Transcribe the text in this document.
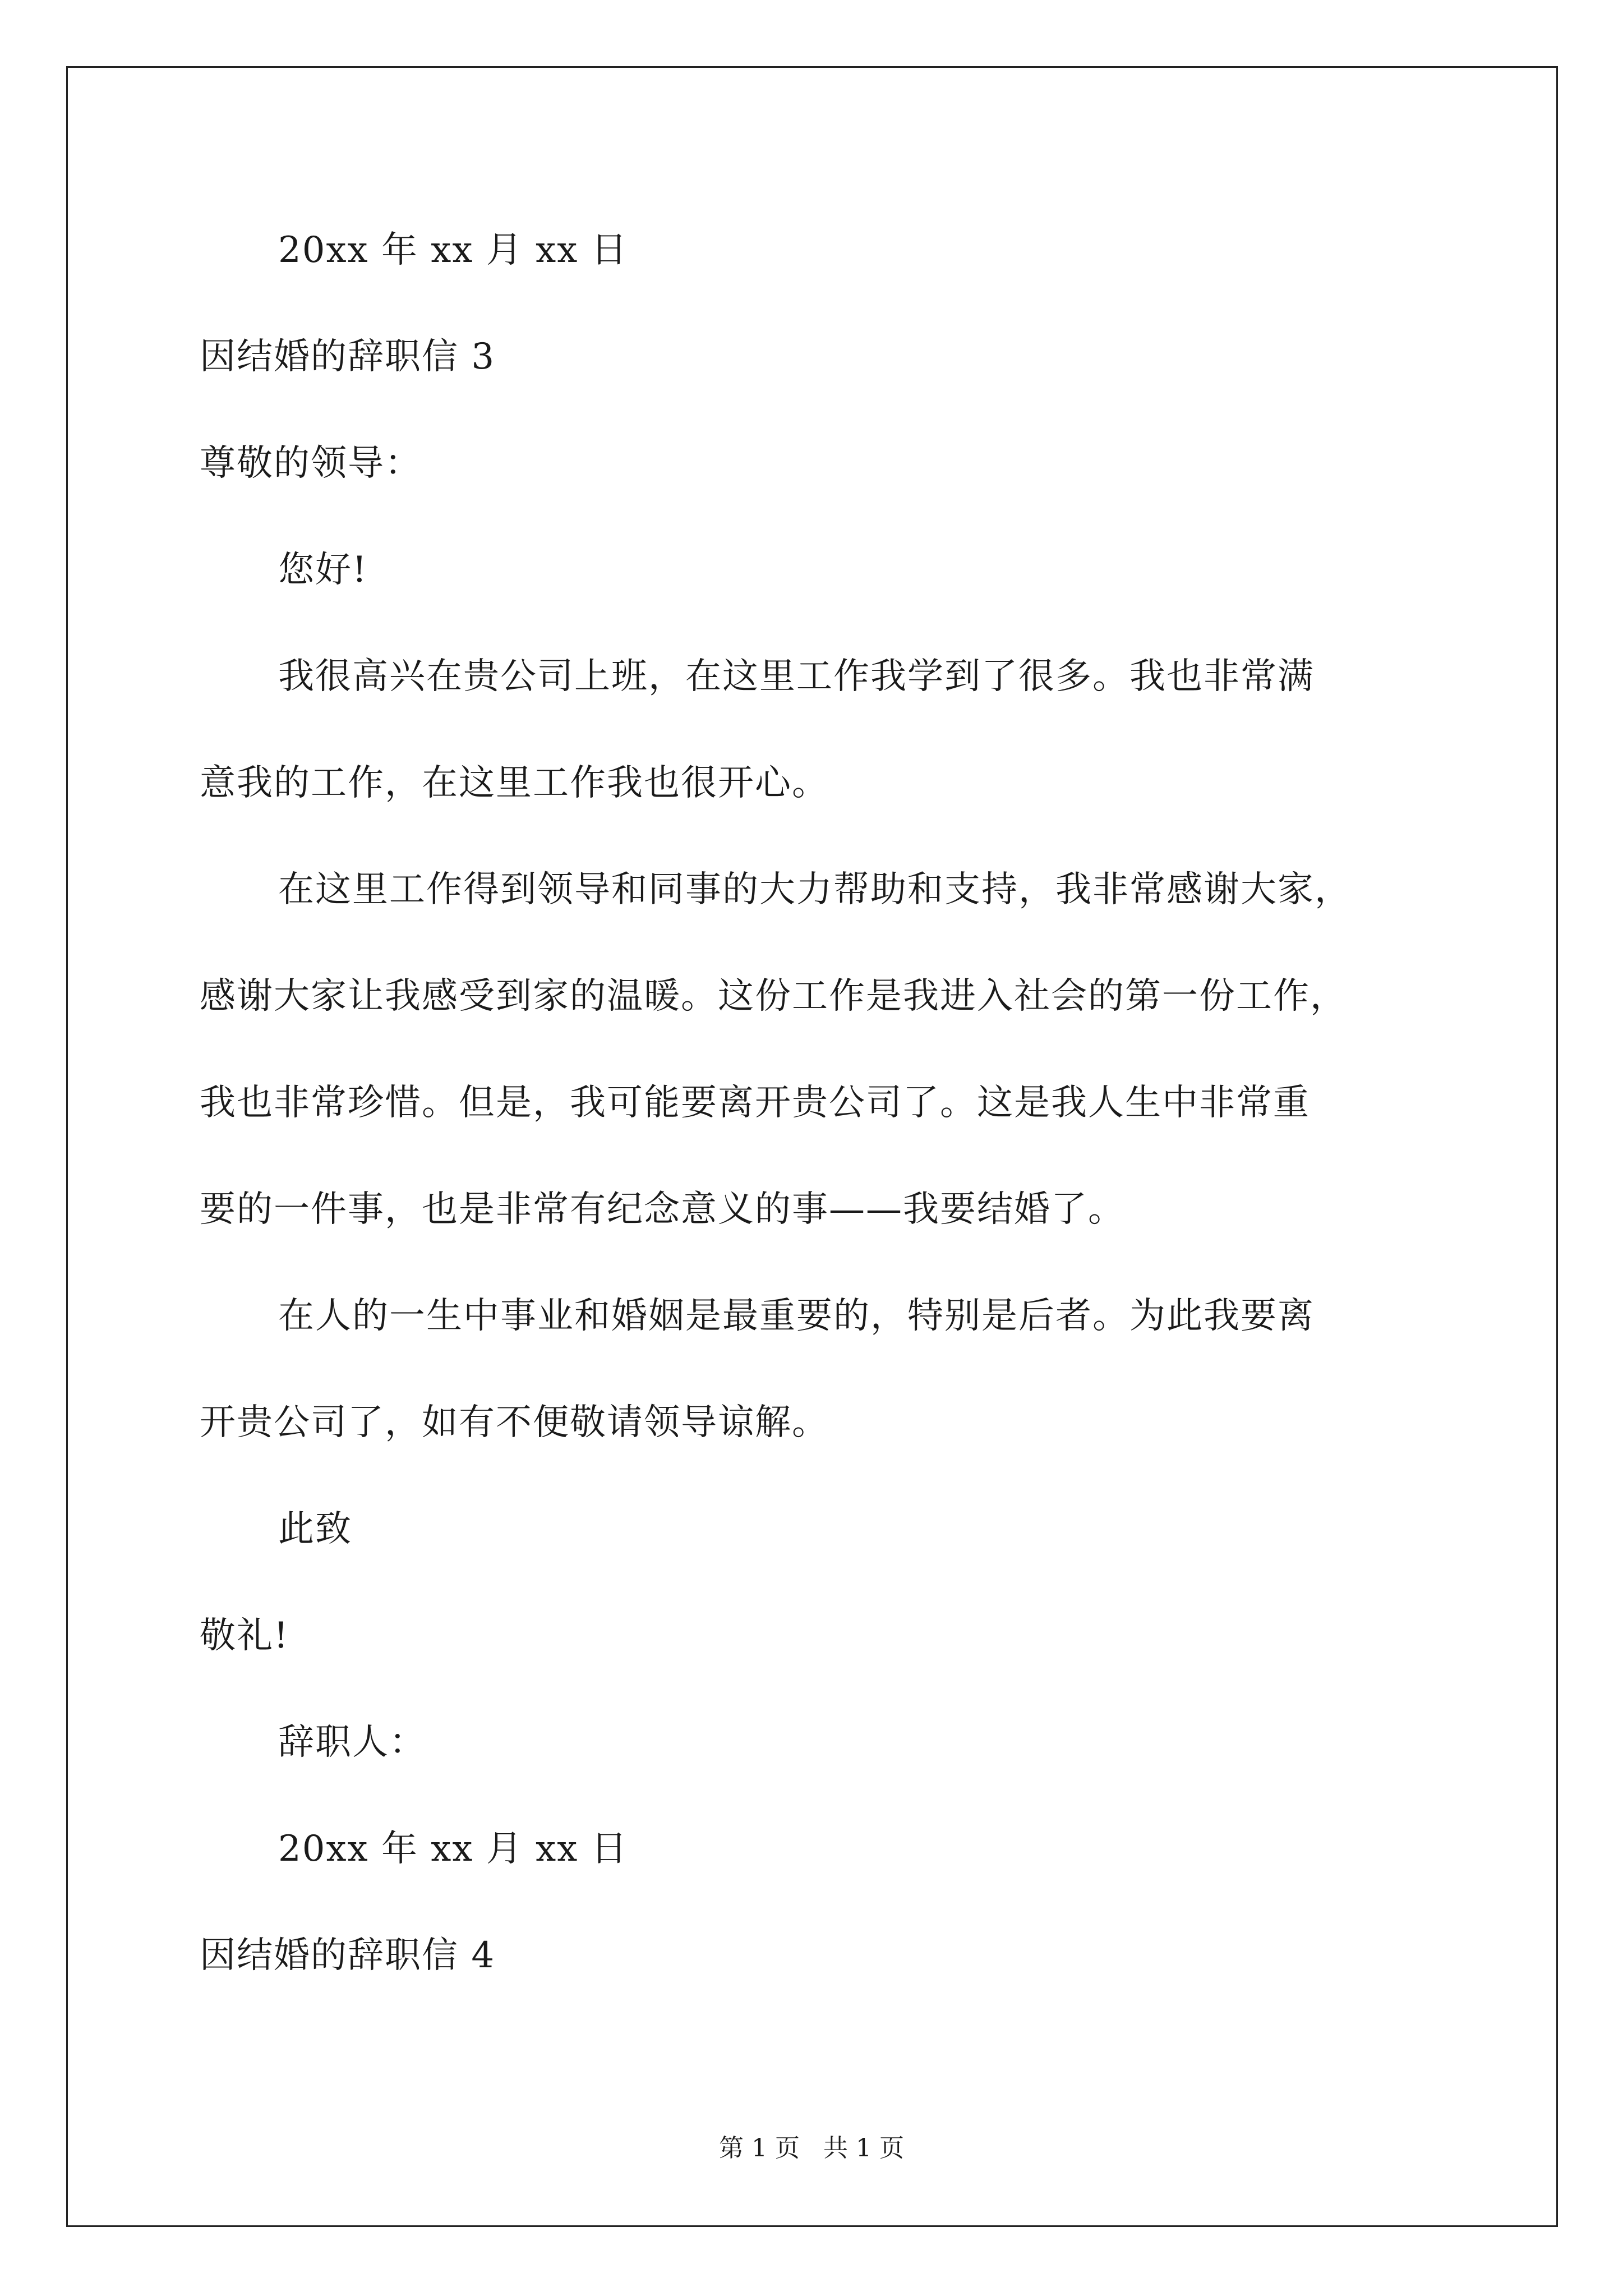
20xx 年 xx 月 xx 日
因结婚的辞职信 3
尊敬的领导：
您好!
我很高兴在贵公司上班，在这里工作我学到了很多。我也非常满
意我的工作，在这里工作我也很开心。
在这里工作得到领导和同事的大力帮助和支持，我非常感谢大家，
感谢大家让我感受到家的温暖。这份工作是我进入社会的第一份工作，
我也非常珍惜。但是，我可能要离开贵公司了。这是我人生中非常重
要的一件事，也是非常有纪念意义的事——我要结婚了。
在人的一生中事业和婚姻是最重要的，特别是后者。为此我要离
开贵公司了，如有不便敬请领导谅解。
此致
敬礼!
辞职人：
20xx 年 xx 月 xx 日
因结婚的辞职信 4
第 1 页   共 1 页
